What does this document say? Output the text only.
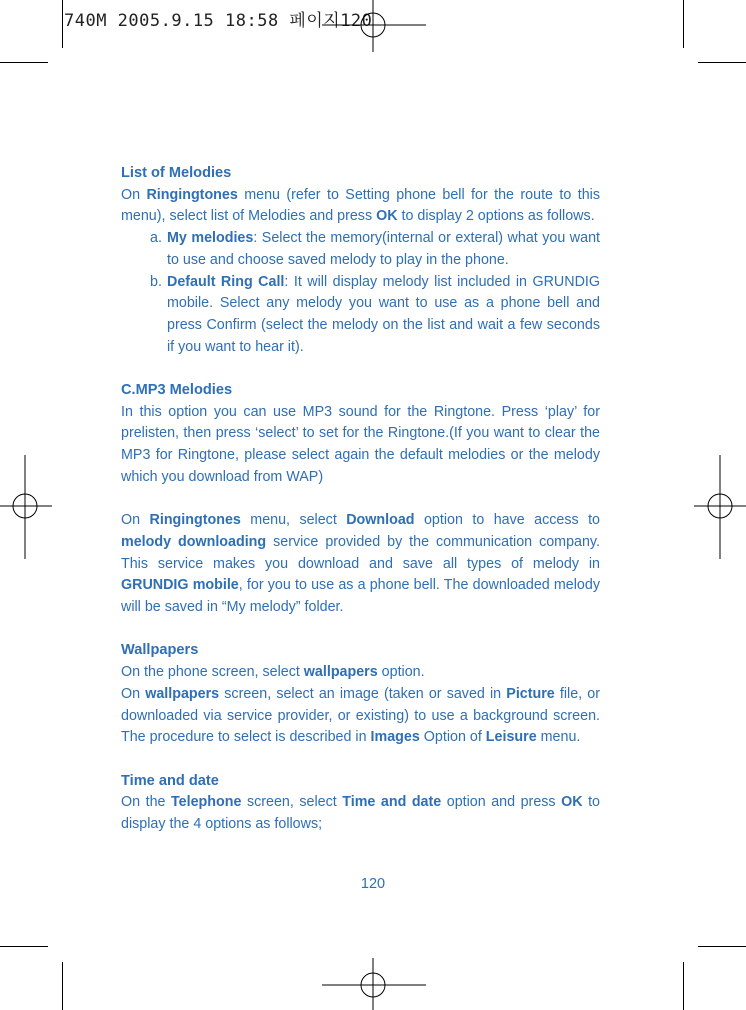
740M 2005.9.15 18:58 페이지120
List of Melodies

On Ringingtones menu (refer to Setting phone bell for the route to this menu), select list of Melodies and press OK to display 2 options as follows.

a. My melodies: Select the memory(internal or exteral) what you want to use and choose saved melody to play in the phone.
b. Default Ring Call: It will display melody list included in GRUNDIG mobile. Select any melody you want to use as a phone bell and press Confirm (select the melody on the list and wait a few seconds if you want to hear it).
C.MP3 Melodies

In this option you can use MP3 sound for the Ringtone. Press ‘play’ for prelisten, then press ‘select’ to set for the Ringtone.(If you want to clear the MP3 for Ringtone, please select again the default melodies or the melody which you download from WAP)

On Ringingtones menu, select Download option to have access to melody downloading service provided by the communication company. This service makes you download and save all types of melody in GRUNDIG mobile, for you to use as a phone bell. The downloaded melody will be saved in “My melody” folder.

Wallpapers

On the phone screen, select wallpapers option.

On wallpapers screen, select an image (taken or saved in Picture file, or downloaded via service provider, or existing) to use a background screen. The procedure to select is described in Images Option of Leisure menu.

Time and date

On the Telephone screen, select Time and date option and press OK to display the 4 options as follows;

120
